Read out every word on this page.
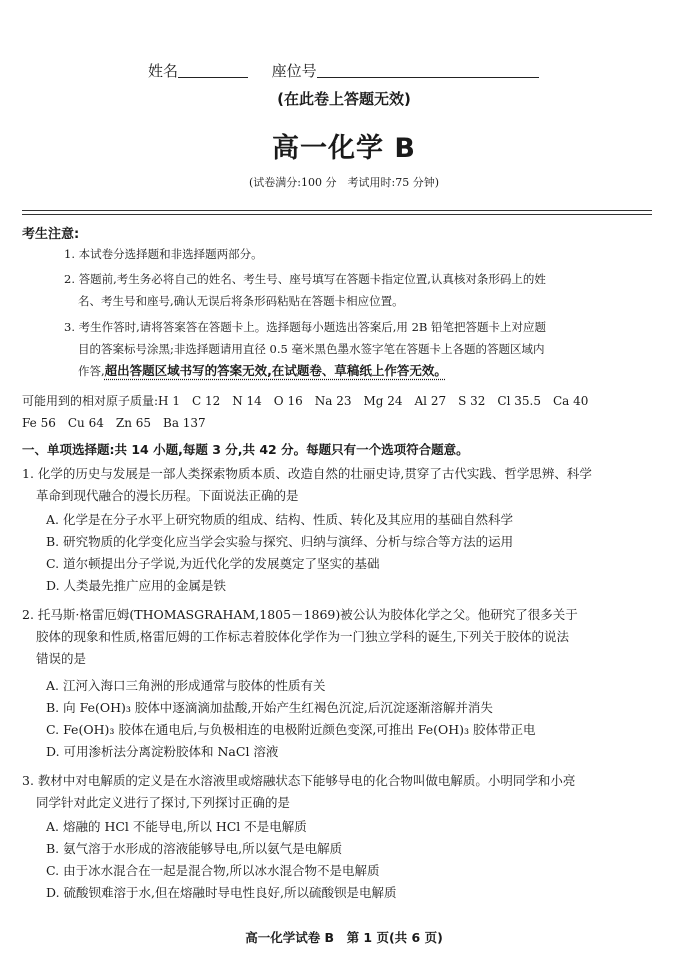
姓名	座位号
(在此卷上答题无效)
高一化学 B
(试卷满分:100 分　考试用时:75 分钟)
考生注意:
1. 本试卷分选择题和非选择题两部分。
2. 答题前,考生务必将自己的姓名、考生号、座号填写在答题卡指定位置,认真核对条形码上的姓
名、考生号和座号,确认无误后将条形码粘贴在答题卡相应位置。
3. 考生作答时,请将答案答在答题卡上。选择题每小题选出答案后,用 2B 铅笔把答题卡上对应题
目的答案标号涂黑;非选择题请用直径 0.5 毫米黑色墨水签字笔在答题卡上各题的答题区域内
作答,超出答题区域书写的答案无效,在试题卷、草稿纸上作答无效。
可能用到的相对原子质量:H 1　C 12　N 14　O 16　Na 23　Mg 24　Al 27　S 32　Cl 35.5　Ca 40
Fe 56　Cu 64　Zn 65　Ba 137
一、单项选择题:共 14 小题,每题 3 分,共 42 分。每题只有一个选项符合题意。
1. 化学的历史与发展是一部人类探索物质本质、改造自然的壮丽史诗,贯穿了古代实践、哲学思辨、科学
革命到现代融合的漫长历程。下面说法正确的是
A. 化学是在分子水平上研究物质的组成、结构、性质、转化及其应用的基础自然科学
B. 研究物质的化学变化应当学会实验与探究、归纳与演绎、分析与综合等方法的运用
C. 道尔顿提出分子学说,为近代化学的发展奠定了坚实的基础
D. 人类最先推广应用的金属是铁
2. 托马斯·格雷厄姆(THOMASGRAHAM,1805－1869)被公认为胶体化学之父。他研究了很多关于
胶体的现象和性质,格雷厄姆的工作标志着胶体化学作为一门独立学科的诞生,下列关于胶体的说法
错误的是
A. 江河入海口三角洲的形成通常与胶体的性质有关
B. 向 Fe(OH)₃ 胶体中逐滴滴加盐酸,开始产生红褐色沉淀,后沉淀逐渐溶解并消失
C. Fe(OH)₃ 胶体在通电后,与负极相连的电极附近颜色变深,可推出 Fe(OH)₃ 胶体带正电
D. 可用渗析法分离淀粉胶体和 NaCl 溶液
3. 教材中对电解质的定义是在水溶液里或熔融状态下能够导电的化合物叫做电解质。小明同学和小亮
同学针对此定义进行了探讨,下列探讨正确的是
A. 熔融的 HCl 不能导电,所以 HCl 不是电解质
B. 氨气溶于水形成的溶液能够导电,所以氨气是电解质
C. 由于冰水混合在一起是混合物,所以冰水混合物不是电解质
D. 硫酸钡难溶于水,但在熔融时导电性良好,所以硫酸钡是电解质
高一化学试卷 B　第 1 页(共 6 页)
